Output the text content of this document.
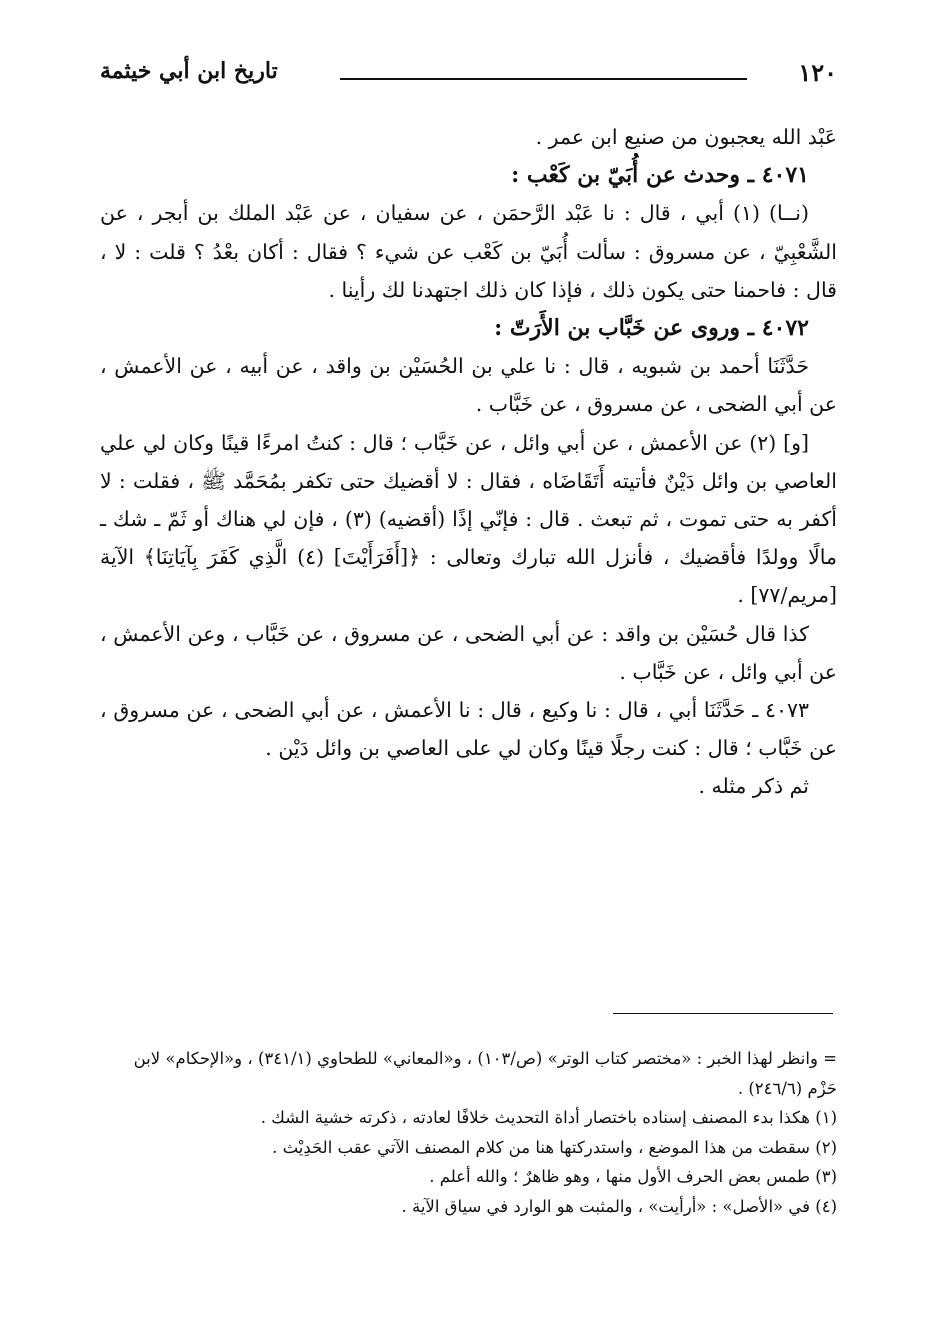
١٢٠
تاريخ ابن أبي خيثمة

عَبْد الله يعجبون من صنيع ابن عمر .

٤٠٧١ ـ وحدث عن أُبَيّ بن كَعْب :

(نــا) (١) أبي ، قال : نا عَبْد الرَّحمَن ، عن سفيان ، عن عَبْد الملك بن أبجر ، عن الشَّعْبِيّ ، عن مسروق : سألت أُبَيّ بن كَعْب عن شيء ؟ فقال : أكان بعْدُ ؟ قلت : لا ، قال : فاحمنا حتى يكون ذلك ، فإذا كان ذلك اجتهدنا لك رأينا .

٤٠٧٢ ـ وروى عن خَبَّاب بن الأَرَتّ :

حَدَّثَنَا أحمد بن شبويه ، قال : نا علي بن الحُسَيْن بن واقد ، عن أبيه ، عن الأعمش ، عن أبي الضحى ، عن مسروق ، عن خَبَّاب .

[و] (٢) عن الأعمش ، عن أبي وائل ، عن خَبَّاب ؛ قال : كنتُ امرءًا قينًا وكان لي علي العاصي بن وائل دَيْنٌ فأتيته أَتَقَاضَاه ، فقال : لا أقضيك حتى تكفر بمُحَمَّد ﷺ ، فقلت : لا أكفر به حتى تموت ، ثم تبعث . قال : فإنّي إذًا (أقضيه) (٣) ، فإن لي هناك أو ثَمّ ـ شك ـ مالًا وولدًا فأقضيك ، فأنزل الله تبارك وتعالى : ﴿[أَفَرَأَيْتَ] (٤) الَّذِي كَفَرَ بِآيَاتِنَا﴾ الآية [مريم/٧٧] .

كذا قال حُسَيْن بن واقد : عن أبي الضحى ، عن مسروق ، عن خَبَّاب ، وعن الأعمش ، عن أبي وائل ، عن خَبَّاب .

٤٠٧٣ ـ حَدَّثَنَا أبي ، قال : نا وكيع ، قال : نا الأعمش ، عن أبي الضحى ، عن مسروق ، عن خَبَّاب ؛ قال : كنت رجلًا قينًا وكان لي على العاصي بن وائل دَيْن .

ثم ذكر مثله .

= وانظر لهذا الخبر : «مختصر كتاب الوتر» (ص/١٠٣) ، و«المعاني» للطحاوي (٣٤١/١) ، و«الإحكام» لابن حَزْم (٢٤٦/٦) .

(١) هكذا بدء المصنف إسناده باختصار أداة التحديث خلافًا لعادته ، ذكرته خشية الشك .

(٢) سقطت من هذا الموضع ، واستدركتها هنا من كلام المصنف الآتي عقب الحَدِيْث .

(٣) طمس بعض الحرف الأول منها ، وهو ظاهرٌ ؛ والله أعلم .

(٤) في «الأصل» : «أرأيت» ، والمثبت هو الوارد في سياق الآية .
